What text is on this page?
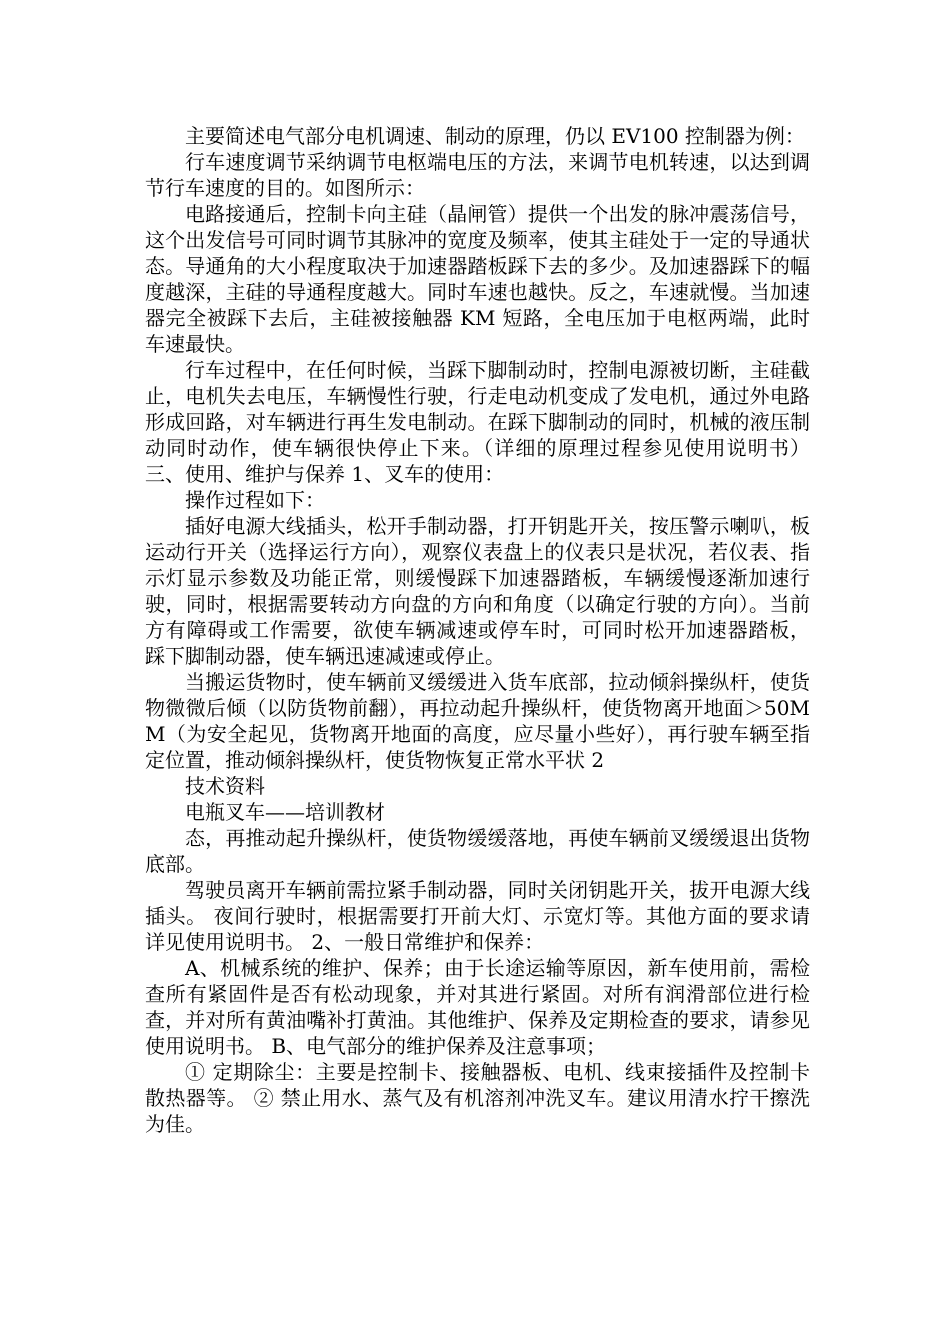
主要简述电气部分电机调速、制动的原理，仍以 EV100 控制器为例：

行车速度调节采纳调节电枢端电压的方法，来调节电机转速，以达到调节行车速度的目的。如图所示：

电路接通后，控制卡向主硅（晶闸管）提供一个出发的脉冲震荡信号，这个出发信号可同时调节其脉冲的宽度及频率，使其主硅处于一定的导通状态。导通角的大小程度取决于加速器踏板踩下去的多少。及加速器踩下的幅度越深，主硅的导通程度越大。同时车速也越快。反之，车速就慢。当加速器完全被踩下去后，主硅被接触器 KM 短路，全电压加于电枢两端，此时车速最快。

行车过程中，在任何时候，当踩下脚制动时，控制电源被切断，主硅截止，电机失去电压，车辆慢性行驶，行走电动机变成了发电机，通过外电路形成回路，对车辆进行再生发电制动。在踩下脚制动的同时，机械的液压制动同时动作，使车辆很快停止下来。（详细的原理过程参见使用说明书） 三、使用、维护与保养 1、叉车的使用：

操作过程如下：

插好电源大线插头，松开手制动器，打开钥匙开关，按压警示喇叭，板运动行开关（选择运行方向），观察仪表盘上的仪表只是状况，若仪表、指示灯显示参数及功能正常，则缓慢踩下加速器踏板，车辆缓慢逐渐加速行驶，同时，根据需要转动方向盘的方向和角度（以确定行驶的方向）。当前方有障碍或工作需要，欲使车辆减速或停车时，可同时松开加速器踏板， 踩下脚制动器，使车辆迅速减速或停止。

当搬运货物时，使车辆前叉缓缓进入货车底部，拉动倾斜操纵杆，使货物微微后倾（以防货物前翻），再拉动起升操纵杆，使货物离开地面＞50MM（为安全起见，货物离开地面的高度，应尽量小些好），再行驶车辆至指定位置，推动倾斜操纵杆，使货物恢复正常水平状 2

技术资料

电瓶叉车——培训教材

态，再推动起升操纵杆，使货物缓缓落地，再使车辆前叉缓缓退出货物底部。

驾驶员离开车辆前需拉紧手制动器，同时关闭钥匙开关，拔开电源大线插头。 夜间行驶时，根据需要打开前大灯、示宽灯等。其他方面的要求请详见使用说明书。 2、一般日常维护和保养：

A、机械系统的维护、保养；由于长途运输等原因，新车使用前，需检查所有紧固件是否有松动现象，并对其进行紧固。对所有润滑部位进行检查，并对所有黄油嘴补打黄油。其他维护、保养及定期检查的要求，请参见使用说明书。 B、电气部分的维护保养及注意事项；

① 定期除尘：主要是控制卡、接触器板、电机、线束接插件及控制卡散热器等。 ② 禁止用水、蒸气及有机溶剂冲洗叉车。建议用清水拧干擦洗为佳。
